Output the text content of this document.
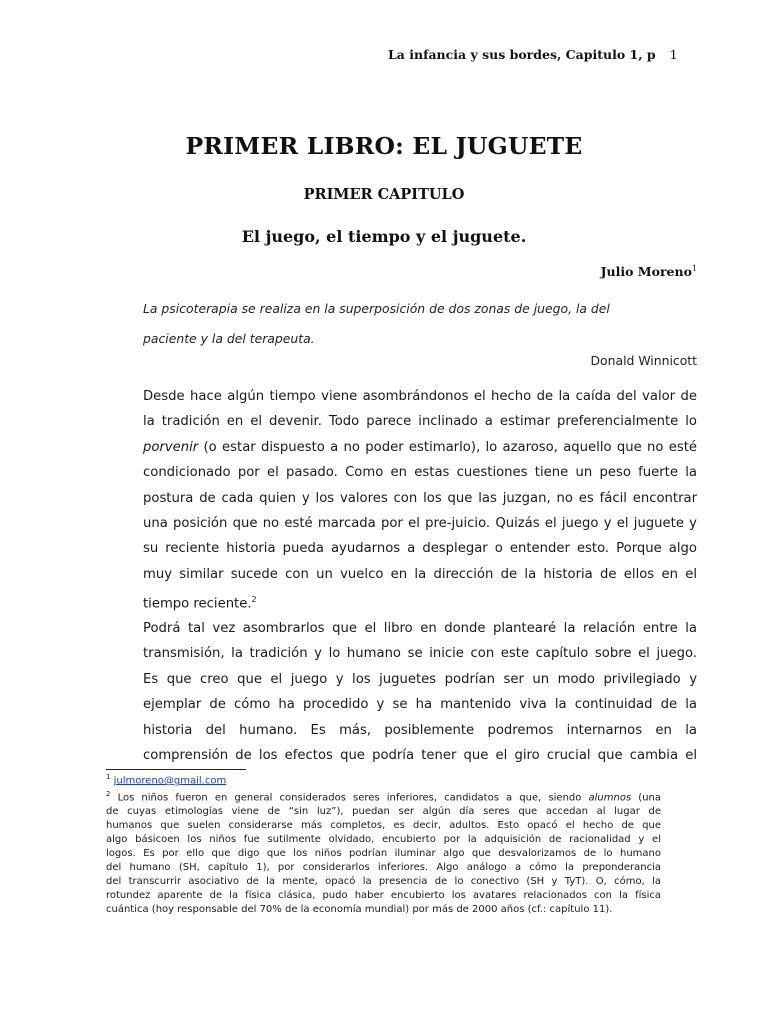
La infancia y sus bordes, Capitulo 1, p 1
PRIMER LIBRO: EL JUGUETE
PRIMER CAPITULO
El juego, el tiempo y el juguete.
Julio Moreno$^1$
La psicoterapia se realiza en la superposición de dos zonas de juego, la del
paciente y la del terapeuta.
Donald Winnicott
Desde hace algún tiempo viene asombrándonos el hecho de la caída del valor de
la tradición en el devenir. Todo parece inclinado a estimar preferencialmente lo
porvenir (o estar dispuesto a no poder estimarlo), lo azaroso, aquello que no esté
condicionado por el pasado. Como en estas cuestiones tiene un peso fuerte la
postura de cada quien y los valores con los que las juzgan, no es fácil encontrar
una posición que no esté marcada por el pre-juicio. Quizás el juego y el juguete y
su reciente historia pueda ayudarnos a desplegar o entender esto. Porque algo
muy similar sucede con un vuelco en la dirección de la historia de ellos en el
tiempo reciente.$^2$
Podrá tal vez asombrarlos que el libro en donde plantearé la relación entre la
transmisión, la tradición y lo humano se inicie con este capítulo sobre el juego.
Es que creo que el juego y los juguetes podrían ser un modo privilegiado y
ejemplar de cómo ha procedido y se ha mantenido viva la continuidad de la
historia del humano. Es más, posiblemente podremos internarnos en la
comprensión de los efectos que podría tener que el giro crucial que cambia el
$^1$ julmoreno@gmail.com
$^2$ Los niños fueron en general considerados seres inferiores, candidatos a que, siendo alumnos (una
de cuyas etimologías viene de “sin luz”), puedan ser algún día seres que accedan al lugar de
humanos que suelen considerarse más completos, es decir, adultos. Esto opacó el hecho de que
algo básicoen los niños fue sutilmente olvidado, encubierto por la adquisición de racionalidad y el
logos. Es por ello que digo que los niños podrían iluminar algo que desvalorizamos de lo humano
del humano (SH, capítulo 1), por considerarlos inferiores. Algo análogo a cómo la preponderancia
del transcurrir asociativo de la mente, opacó la presencia de lo conectivo (SH y TyT). O, cómo, la
rotundez aparente de la física clásica, pudo haber encubierto los avatares relacionados con la física
cuántica (hoy responsable del 70% de la economía mundial) por más de 2000 años (cf.: capítulo 11).
